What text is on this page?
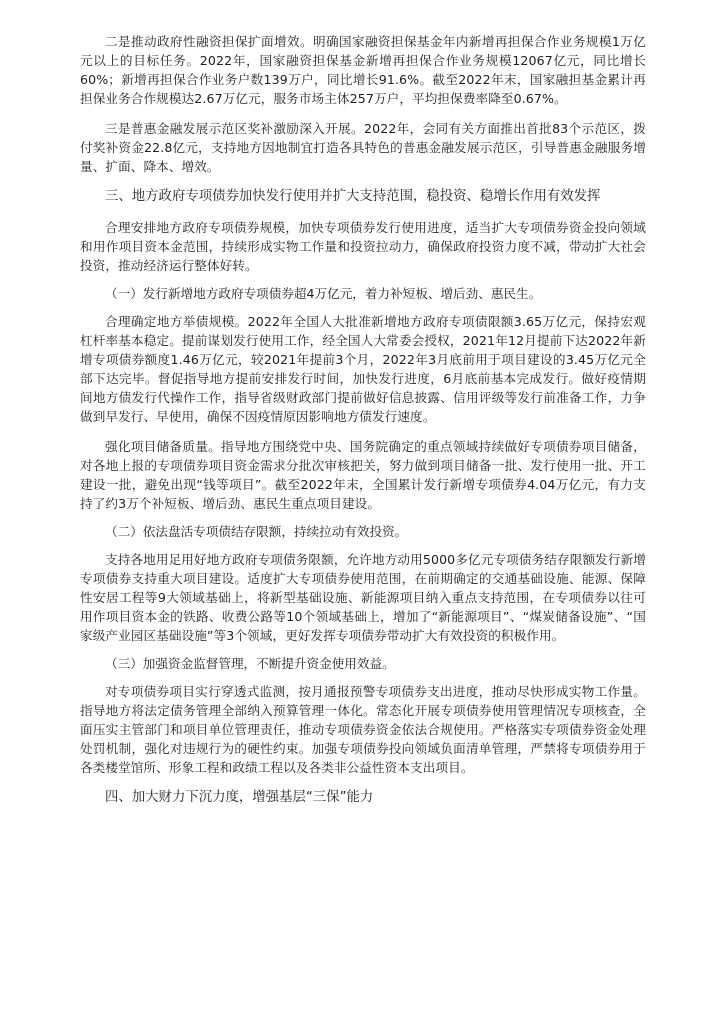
二是推动政府性融资担保扩面增效。明确国家融资担保基金年内新增再担保合作业务规模1万亿元以上的目标任务。2022年，国家融资担保基金新增再担保合作业务规模12067亿元，同比增长60%；新增再担保合作业务户数139万户，同比增长91.6%。截至2022年末，国家融担基金累计再担保业务合作规模达2.67万亿元，服务市场主体257万户，平均担保费率降至0.67%。

三是普惠金融发展示范区奖补激励深入开展。2022年，会同有关方面推出首批83个示范区，拨付奖补资金22.8亿元，支持地方因地制宜打造各具特色的普惠金融发展示范区，引导普惠金融服务增量、扩面、降本、增效。

三、地方政府专项债券加快发行使用并扩大支持范围，稳投资、稳增长作用有效发挥

合理安排地方政府专项债券规模，加快专项债券发行使用进度，适当扩大专项债券资金投向领域和用作项目资本金范围，持续形成实物工作量和投资拉动力，确保政府投资力度不减，带动扩大社会投资，推动经济运行整体好转。

（一）发行新增地方政府专项债券超4万亿元，着力补短板、增后劲、惠民生。

合理确定地方举债规模。2022年全国人大批准新增地方政府专项债限额3.65万亿元，保持宏观杠杆率基本稳定。提前谋划发行使用工作，经全国人大常委会授权，2021年12月提前下达2022年新增专项债券额度1.46万亿元，较2021年提前3个月，2022年3月底前用于项目建设的3.45万亿元全部下达完毕。督促指导地方提前安排发行时间，加快发行进度，6月底前基本完成发行。做好疫情期间地方债发行代操作工作，指导省级财政部门提前做好信息披露、信用评级等发行前准备工作，力争做到早发行、早使用，确保不因疫情原因影响地方债发行速度。

强化项目储备质量。指导地方围绕党中央、国务院确定的重点领域持续做好专项债券项目储备，对各地上报的专项债券项目资金需求分批次审核把关，努力做到项目储备一批、发行使用一批、开工建设一批，避免出现“钱等项目”。截至2022年末，全国累计发行新增专项债券4.04万亿元，有力支持了约3万个补短板、增后劲、惠民生重点项目建设。

（二）依法盘活专项债结存限额，持续拉动有效投资。

支持各地用足用好地方政府专项债务限额，允许地方动用5000多亿元专项债务结存限额发行新增专项债券支持重大项目建设。适度扩大专项债券使用范围，在前期确定的交通基础设施、能源、保障性安居工程等9大领域基础上，将新型基础设施、新能源项目纳入重点支持范围，在专项债券以往可用作项目资本金的铁路、收费公路等10个领域基础上，增加了“新能源项目”、“煤炭储备设施”、“国家级产业园区基础设施”等3个领域，更好发挥专项债券带动扩大有效投资的积极作用。

（三）加强资金监督管理，不断提升资金使用效益。

对专项债券项目实行穿透式监测，按月通报预警专项债券支出进度，推动尽快形成实物工作量。指导地方将法定债务管理全部纳入预算管理一体化。常态化开展专项债券使用管理情况专项核查，全面压实主管部门和项目单位管理责任，推动专项债券资金依法合规使用。严格落实专项债券资金处理处罚机制，强化对违规行为的硬性约束。加强专项债券投向领域负面清单管理，严禁将专项债券用于各类楼堂馆所、形象工程和政绩工程以及各类非公益性资本支出项目。

四、加大财力下沉力度，增强基层“三保”能力
